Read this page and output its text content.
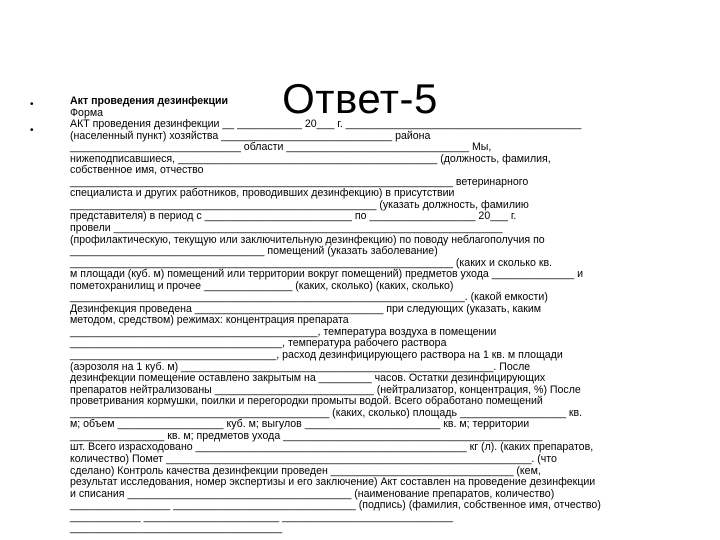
Ответ-5
•
•
Акт проведения дезинфекции
Форма
АКТ проведения дезинфекции __ ___________ 20___ г. ________________________________________
(населенный пункт) хозяйства _____________________________ района
_____________________________ области _______________________________ Мы,
нижеподписавшиеся, ____________________________________________ (должность, фамилия,
собственное имя, отчество
_________________________________________________________________ ветеринарного
специалиста и других работников, проводивших дезинфекцию) в присутствии
____________________________________________________ (указать должность, фамилию
представителя) в период с _________________________ по __________________ 20___ г.
провели __________________________________________________________________
(профилактическую, текущую или заключительную дезинфекцию) по поводу неблагополучия по
_________________________________ помещений (указать заболевание)
_________________________________________________________________ (каких и сколько кв.
м площади (куб. м) помещений или территории вокруг помещений) предметов ухода ______________ и
пометохранилищ и прочее _______________ (каких, сколько) (каких, сколько)
___________________________________________________________________. (какой емкости)
Дезинфекция проведена ________________________________ при следующих (указать, каким
методом, средством) режимах: концентрация препарата
__________________________________________, температура воздуха в помещении
____________________________________, температура рабочего раствора
___________________________________, расход дезинфицирующего раствора на 1 кв. м площади
(аэрозоля на 1 куб. м) _____________________________________________________. После
дезинфекции помещение оставлено закрытым на _________ часов. Остатки дезинфицирующих
препаратов нейтрализованы ___________________________ (нейтрализатор, концентрация, %) После
проветривания кормушки, поилки и перегородки промыты водой. Всего обработано помещений
____________________________________________ (каких, сколько) площадь __________________ кв.
м; объем __________________ куб. м; выгулов _______________________ кв. м; территории
________________ кв. м; предметов ухода ____________________________________________
шт. Всего израсходовано ______________________________________________ кг (л). (каких препаратов,
количество) Помет ______________________________________________________________. (что
сделано) Контроль качества дезинфекции проведен _______________________________ (кем,
результат исследования, номер экспертизы и его заключение) Акт составлен на проведение дезинфекции
и списания ______________________________________ (наименование препаратов, количество)
_________________ _______________________________ (подпись) (фамилия, собственное имя, отчество)
____________ _______________________ _____________________________
____________________________________
